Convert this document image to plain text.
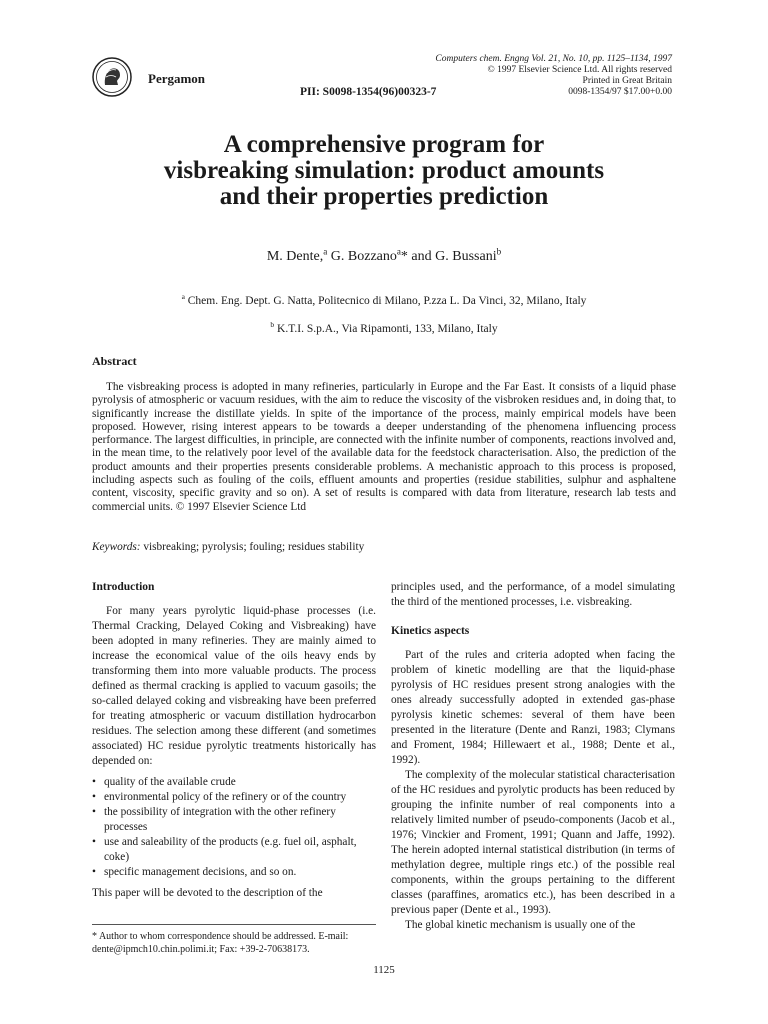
Pergamon
PII: S0098-1354(96)00323-7
Computers chem. Engng Vol. 21, No. 10, pp. 1125–1134, 1997
© 1997 Elsevier Science Ltd. All rights reserved
Printed in Great Britain
0098-1354/97 $17.00+0.00
A comprehensive program for
visbreaking simulation: product amounts
and their properties prediction
M. Dente,$^a$ G. Bozzano$^a$* and G. Bussani$^b$
$^a$ Chem. Eng. Dept. G. Natta, Politecnico di Milano, P.zza L. Da Vinci, 32, Milano, Italy
$^b$ K.T.I. S.p.A., Via Ripamonti, 133, Milano, Italy
Abstract
The visbreaking process is adopted in many refineries, particularly in Europe and the Far East. It consists of a liquid phase pyrolysis of atmospheric or vacuum residues, with the aim to reduce the viscosity of the visbroken residues and, in doing that, to significantly increase the distillate yields. In spite of the importance of the process, mainly empirical models have been proposed. However, rising interest appears to be towards a deeper understanding of the phenomena influencing process performance. The largest difficulties, in principle, are connected with the infinite number of components, reactions involved and, in the mean time, to the relatively poor level of the available data for the feedstock characterisation. Also, the prediction of the product amounts and their properties presents considerable problems. A mechanistic approach to this process is proposed, including aspects such as fouling of the coils, effluent amounts and properties (residue stabilities, sulphur and asphaltene content, viscosity, specific gravity and so on). A set of results is compared with data from literature, research lab tests and commercial units. © 1997 Elsevier Science Ltd
Keywords: visbreaking; pyrolysis; fouling; residues stability
Introduction
For many years pyrolytic liquid-phase processes (i.e. Thermal Cracking, Delayed Coking and Visbreaking) have been adopted in many refineries. They are mainly aimed to increase the economical value of the oils heavy ends by transforming them into more valuable products. The process defined as thermal cracking is applied to vacuum gasoils; the so-called delayed coking and visbreaking have been preferred for treating atmospheric or vacuum distillation hydrocarbon residues. The selection among these different (and sometimes associated) HC residue pyrolytic treatments historically has depended on:
• quality of the available crude
• environmental policy of the refinery or of the country
• the possibility of integration with the other refinery processes
• use and saleability of the products (e.g. fuel oil, asphalt, coke)
• specific management decisions, and so on.
This paper will be devoted to the description of the
principles used, and the performance, of a model simulating the third of the mentioned processes, i.e. visbreaking.
Kinetics aspects
Part of the rules and criteria adopted when facing the problem of kinetic modelling are that the liquid-phase pyrolysis of HC residues present strong analogies with the ones already successfully adopted in extended gas-phase pyrolysis kinetic schemes: several of them have been presented in the literature (Dente and Ranzi, 1983; Clymans and Froment, 1984; Hillewaert et al., 1988; Dente et al., 1992).
The complexity of the molecular statistical characterisation of the HC residues and pyrolytic products has been reduced by grouping the infinite number of real components into a relatively limited number of pseudo-components (Jacob et al., 1976; Vinckier and Froment, 1991; Quann and Jaffe, 1992). The herein adopted internal statistical distribution (in terms of methylation degree, multiple rings etc.) of the possible real components, within the groups pertaining to the different classes (paraffines, aromatics etc.), has been described in a previous paper (Dente et al., 1993).
The global kinetic mechanism is usually one of the
* Author to whom correspondence should be addressed. E-mail: dente@ipmch10.chin.polimi.it; Fax: +39-2-70638173.
1125
